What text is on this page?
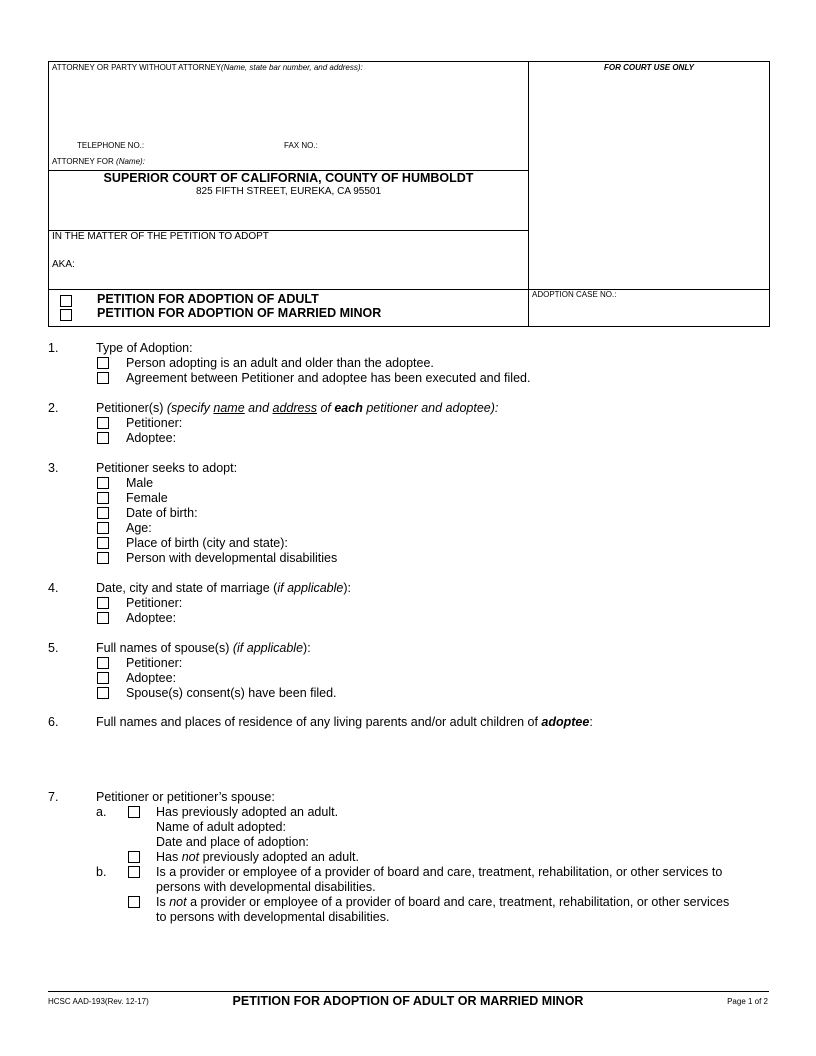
ATTORNEY OR PARTY WITHOUT ATTORNEY(Name, state bar number, and address):	FOR COURT USE ONLY
TELEPHONE NO.:	FAX NO.:
ATTORNEY FOR (Name):
SUPERIOR COURT OF CALIFORNIA, COUNTY OF HUMBOLDT
825 FIFTH STREET, EUREKA, CA 95501
IN THE MATTER OF THE PETITION TO ADOPT
AKA:
PETITION FOR ADOPTION OF ADULT
PETITION FOR ADOPTION OF MARRIED MINOR
ADOPTION CASE NO.:
1.	Type of Adoption:
Person adopting is an adult and older than the adoptee.
Agreement between Petitioner and adoptee has been executed and filed.
2.	Petitioner(s) (specify name and address of each petitioner and adoptee):
Petitioner:
Adoptee:
3.	Petitioner seeks to adopt:
Male
Female
Date of birth:
Age:
Place of birth (city and state):
Person with developmental disabilities
4.	Date, city and state of marriage (if applicable):
Petitioner:
Adoptee:
5.	Full names of spouse(s) (if applicable):
Petitioner:
Adoptee:
Spouse(s) consent(s) have been filed.
6.	Full names and places of residence of any living parents and/or adult children of adoptee:
7.	Petitioner or petitioner’s spouse:
a.	Has previously adopted an adult.
Name of adult adopted:
Date and place of adoption:
Has not previously adopted an adult.
b.	Is a provider or employee of a provider of board and care, treatment, rehabilitation, or other services to
persons with developmental disabilities.
Is not a provider or employee of a provider of board and care, treatment, rehabilitation, or other services
to persons with developmental disabilities.
HCSC AAD-193(Rev. 12-17)	PETITION FOR ADOPTION OF ADULT OR MARRIED MINOR	Page 1 of 2
